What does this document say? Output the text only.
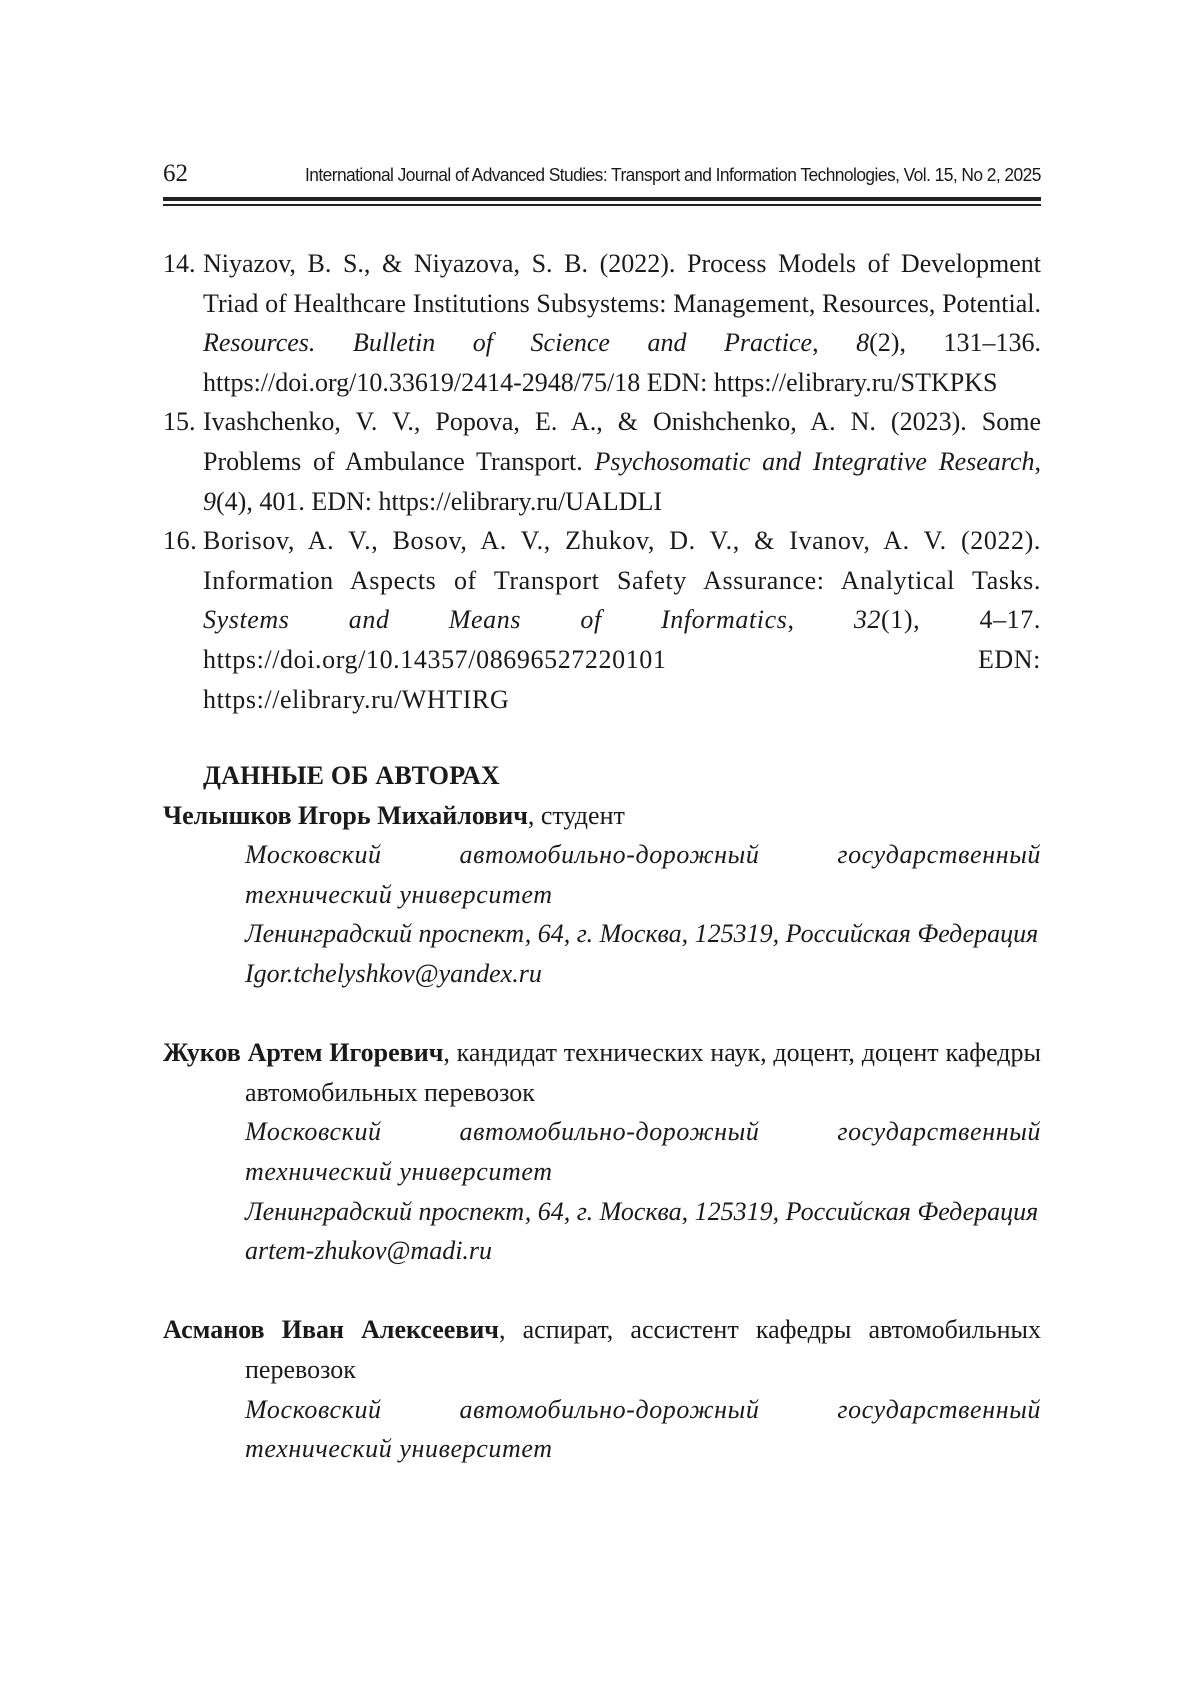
62	International Journal of Advanced Studies: Transport and Information Technologies, Vol. 15, No 2, 2025
14. Niyazov, B. S., & Niyazova, S. B. (2022). Process Models of Development Triad of Healthcare Institutions Subsystems: Management, Resources, Potential. Resources. Bulletin of Science and Practice, 8(2), 131–136. https://doi.org/10.33619/2414-2948/75/18 EDN: https://elibrary.ru/STKPKS
15. Ivashchenko, V. V., Popova, E. A., & Onishchenko, A. N. (2023). Some Problems of Ambulance Transport. Psychosomatic and Integrative Research, 9(4), 401. EDN: https://elibrary.ru/UALDLI
16. Borisov, A. V., Bosov, A. V., Zhukov, D. V., & Ivanov, A. V. (2022). Information Aspects of Transport Safety Assurance: Analytical Tasks. Systems and Means of Informatics, 32(1), 4–17. https://doi.org/10.14357/08696527220101 EDN: https://elibrary.ru/WHTIRG
ДАННЫЕ ОБ АВТОРАХ
Челышков Игорь Михайлович, студент
Московский автомобильно-дорожный государственный технический университет
Ленинградский проспект, 64, г. Москва, 125319, Российская Федерация
Igor.tchelyshkov@yandex.ru
Жуков Артем Игоревич, кандидат технических наук, доцент, доцент кафедры автомобильных перевозок
Московский автомобильно-дорожный государственный технический университет
Ленинградский проспект, 64, г. Москва, 125319, Российская Федерация
artem-zhukov@madi.ru
Асманов Иван Алексеевич, аспират, ассистент кафедры автомобильных перевозок
Московский автомобильно-дорожный государственный технический университет
